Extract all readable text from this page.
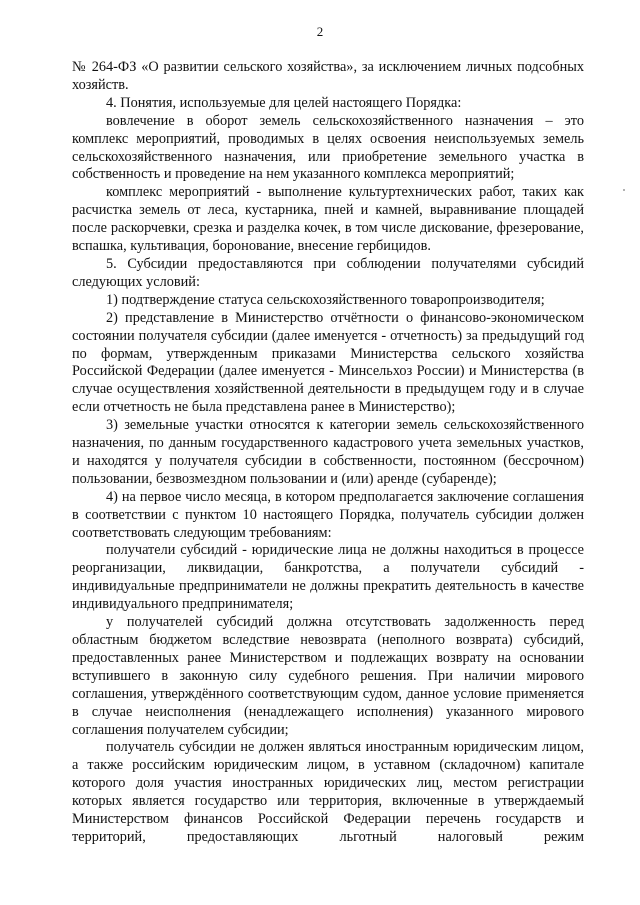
2

№ 264-ФЗ «О развитии сельского хозяйства», за исключением личных подсобных хозяйств.

4. Понятия, используемые для целей настоящего Порядка:

вовлечение в оборот земель сельскохозяйственного назначения – это комплекс мероприятий, проводимых в целях освоения неиспользуемых земель сельскохозяйственного назначения, или приобретение земельного участка в собственность и проведение на нем указанного комплекса мероприятий;

комплекс мероприятий - выполнение культуртехнических работ, таких как расчистка земель от леса, кустарника, пней и камней, выравнивание площадей после раскорчевки, срезка и разделка кочек, в том числе дискование, фрезерование, вспашка, культивация, боронование, внесение гербицидов.

5. Субсидии предоставляются при соблюдении получателями субсидий следующих условий:

1) подтверждение статуса сельскохозяйственного товаропроизводителя;

2) представление в Министерство отчётности о финансово-экономическом состоянии получателя субсидии (далее именуется - отчетность) за предыдущий год по формам, утвержденным приказами Министерства сельского хозяйства Российской Федерации (далее именуется - Минсельхоз России) и Министерства (в случае осуществления хозяйственной деятельности в предыдущем году и в случае если отчетность не была представлена ранее в Министерство);

3) земельные участки относятся к категории земель сельскохозяйственного назначения, по данным государственного кадастрового учета земельных участков, и находятся у получателя субсидии в собственности, постоянном (бессрочном) пользовании, безвозмездном пользовании и (или) аренде (субаренде);

4) на первое число месяца, в котором предполагается заключение соглашения в соответствии с пунктом 10 настоящего Порядка, получатель субсидии должен соответствовать следующим требованиям:

получатели субсидий - юридические лица не должны находиться в процессе реорганизации, ликвидации, банкротства, а получатели субсидий - индивидуальные предприниматели не должны прекратить деятельность в качестве индивидуального предпринимателя;

у получателей субсидий должна отсутствовать задолженность перед областным бюджетом вследствие невозврата (неполного возврата) субсидий, предоставленных ранее Министерством и подлежащих возврату на основании вступившего в законную силу судебного решения. При наличии мирового соглашения, утверждённого соответствующим судом, данное условие применяется в случае неисполнения (ненадлежащего исполнения) указанного мирового соглашения получателем субсидии;

получатель субсидии не должен являться иностранным юридическим лицом, а также российским юридическим лицом, в уставном (складочном) капитале которого доля участия иностранных юридических лиц, местом регистрации которых является государство или территория, включенные в утверждаемый Министерством финансов Российской Федерации перечень государств и территорий, предоставляющих льготный налоговый режим
